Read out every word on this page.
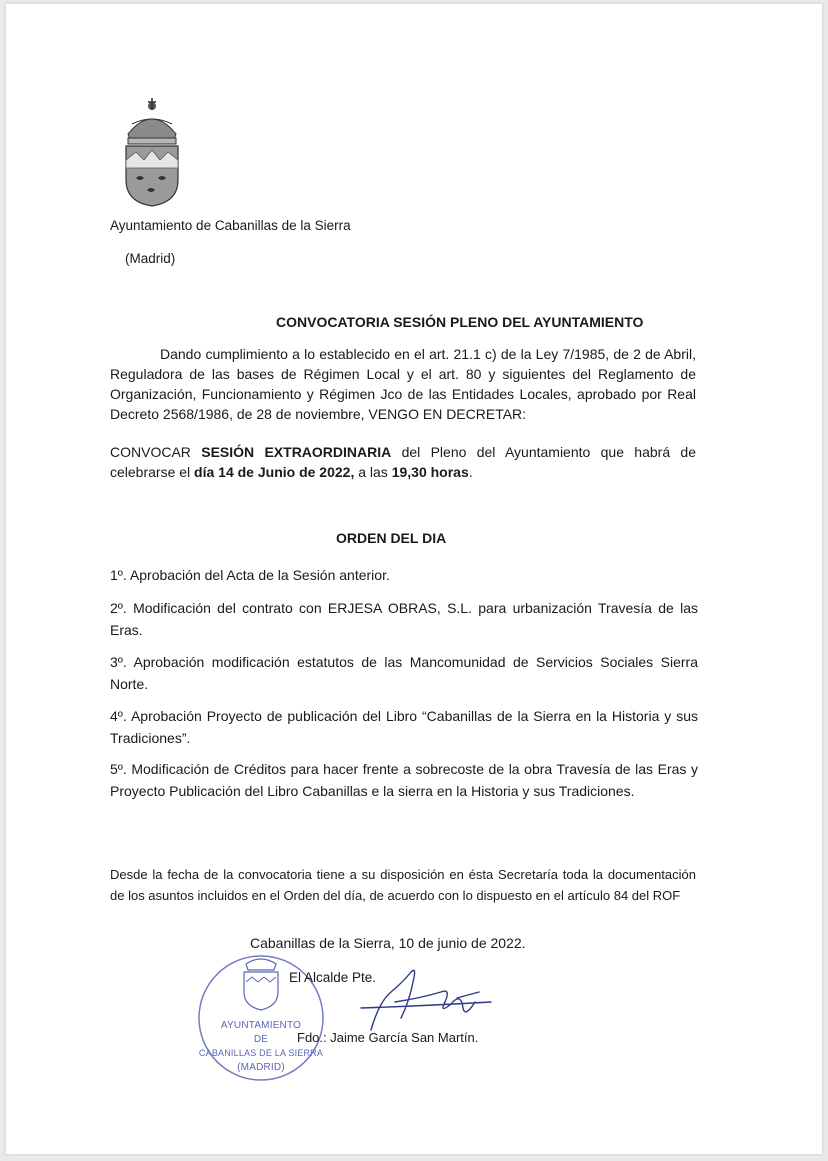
Ayuntamiento de Cabanillas de la Sierra
(Madrid)
CONVOCATORIA SESIÓN PLENO DEL AYUNTAMIENTO
Dando cumplimiento a lo establecido en el art. 21.1 c) de la Ley 7/1985, de 2 de Abril, Reguladora de las bases de Régimen Local y el art. 80 y siguientes del Reglamento de Organización, Funcionamiento y Régimen Jco de las Entidades Locales, aprobado por Real Decreto 2568/1986, de 28 de noviembre, VENGO EN DECRETAR:
CONVOCAR SESIÓN EXTRAORDINARIA del Pleno del Ayuntamiento que habrá de celebrarse el día 14 de Junio de 2022, a las 19,30 horas.
ORDEN DEL DIA
1º. Aprobación del Acta de la Sesión anterior.
2º. Modificación del contrato con ERJESA OBRAS, S.L. para urbanización Travesía de las Eras.
3º. Aprobación modificación estatutos de las Mancomunidad de Servicios Sociales Sierra Norte.
4º. Aprobación Proyecto de publicación del Libro “Cabanillas de la Sierra en la Historia y sus Tradiciones”.
5º. Modificación de Créditos para hacer frente a sobrecoste de la obra Travesía de las Eras y Proyecto Publicación del Libro Cabanillas e la sierra en la Historia y sus Tradiciones.
Desde la fecha de la convocatoria tiene a su disposición en ésta Secretaría toda la documentación de los asuntos incluidos en el Orden del día, de acuerdo con lo dispuesto en el artículo 84 del ROF
Cabanillas de la Sierra, 10 de junio de 2022.
AYUNTAMIENTO
DE
CABANILLAS DE LA SIERRA
(MADRID)
El Alcalde Pte.
Fdo.: Jaime García San Martín.
